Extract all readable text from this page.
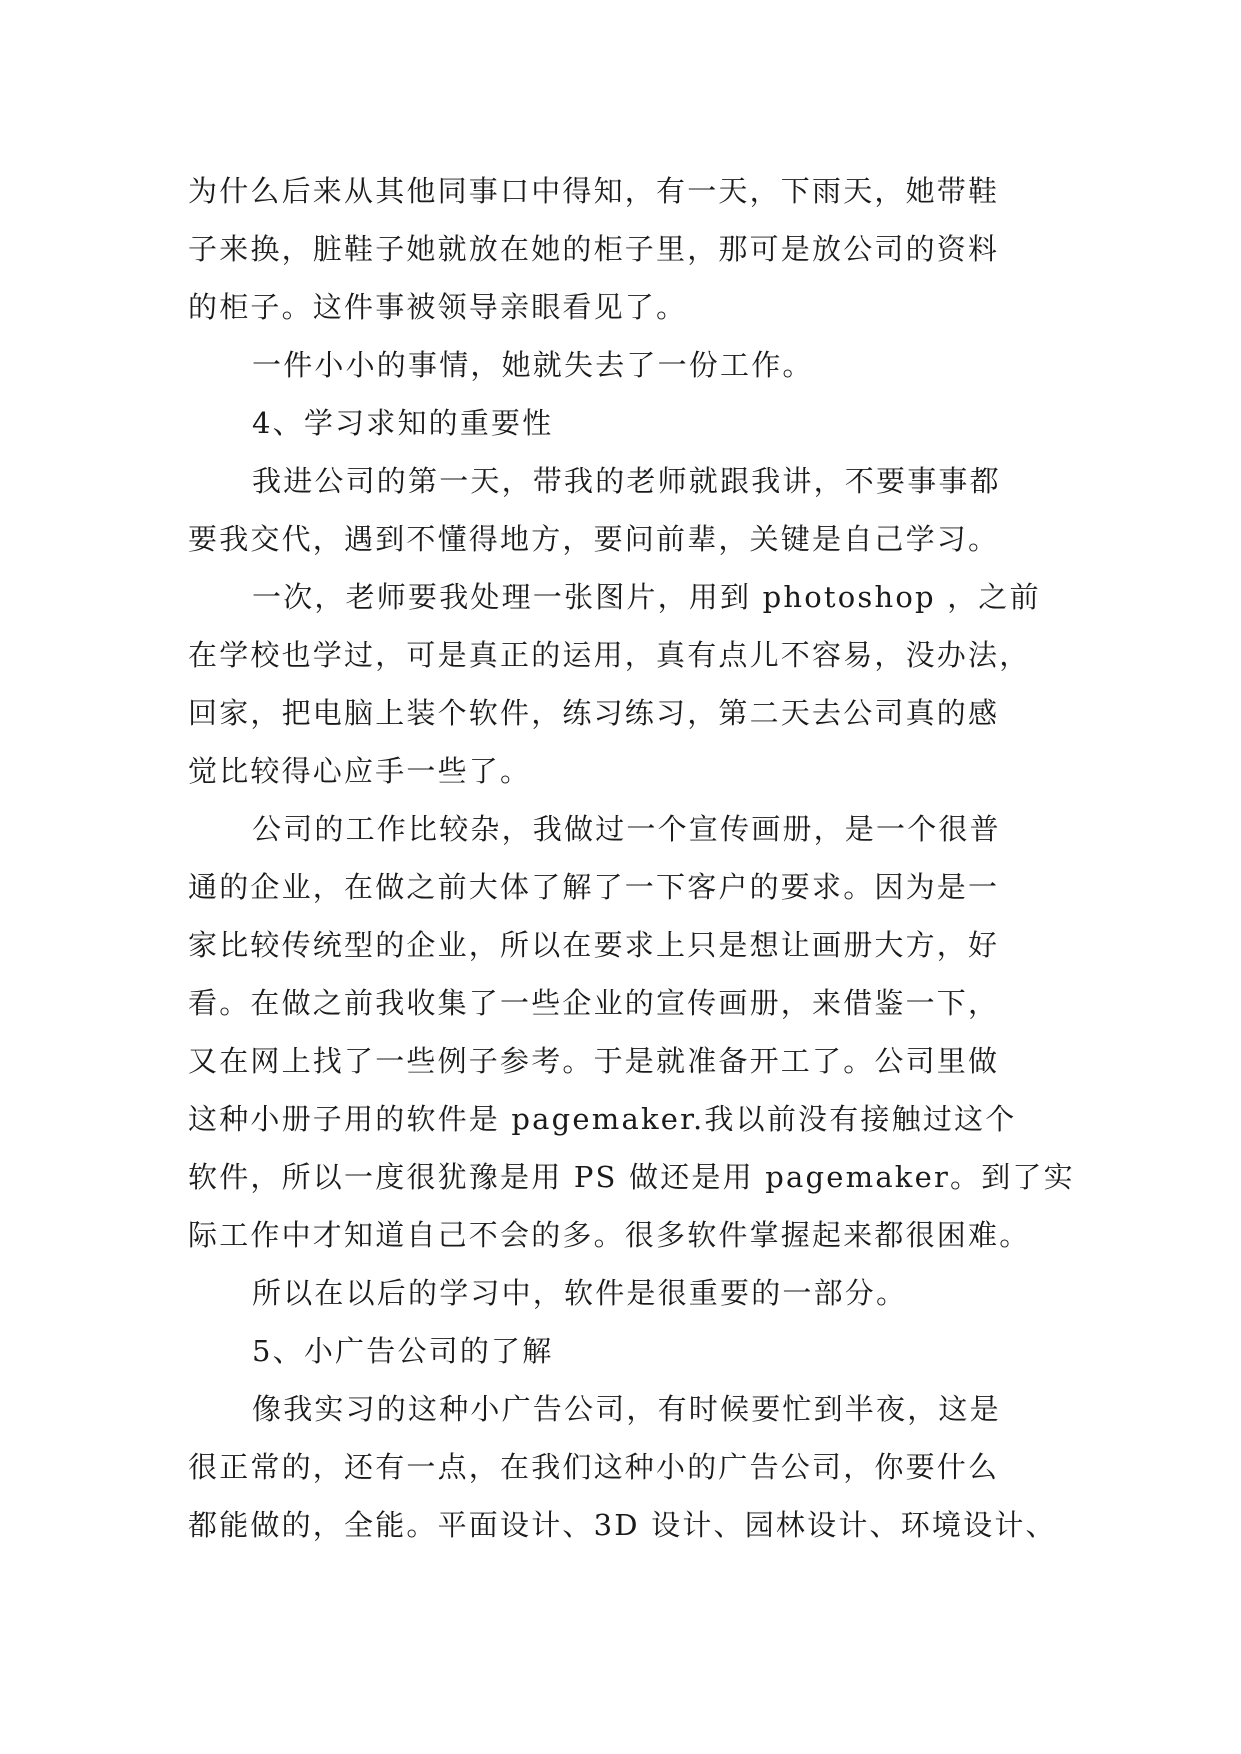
为什么后来从其他同事口中得知，有一天，下雨天，她带鞋
子来换，脏鞋子她就放在她的柜子里，那可是放公司的资料
的柜子。这件事被领导亲眼看见了。
一件小小的事情，她就失去了一份工作。
4、学习求知的重要性
我进公司的第一天，带我的老师就跟我讲，不要事事都
要我交代，遇到不懂得地方，要问前辈，关键是自己学习。
一次，老师要我处理一张图片，用到 photoshop ，之前
在学校也学过，可是真正的运用，真有点儿不容易，没办法，
回家，把电脑上装个软件，练习练习，第二天去公司真的感
觉比较得心应手一些了。
公司的工作比较杂，我做过一个宣传画册，是一个很普
通的企业，在做之前大体了解了一下客户的要求。因为是一
家比较传统型的企业，所以在要求上只是想让画册大方，好
看。在做之前我收集了一些企业的宣传画册，来借鉴一下，
又在网上找了一些例子参考。于是就准备开工了。公司里做
这种小册子用的软件是 pagemaker.我以前没有接触过这个
软件，所以一度很犹豫是用 PS 做还是用 pagemaker。到了实
际工作中才知道自己不会的多。很多软件掌握起来都很困难。
所以在以后的学习中，软件是很重要的一部分。
5、小广告公司的了解
像我实习的这种小广告公司，有时候要忙到半夜，这是
很正常的，还有一点，在我们这种小的广告公司，你要什么
都能做的，全能。平面设计、3D 设计、园林设计、环境设计、
